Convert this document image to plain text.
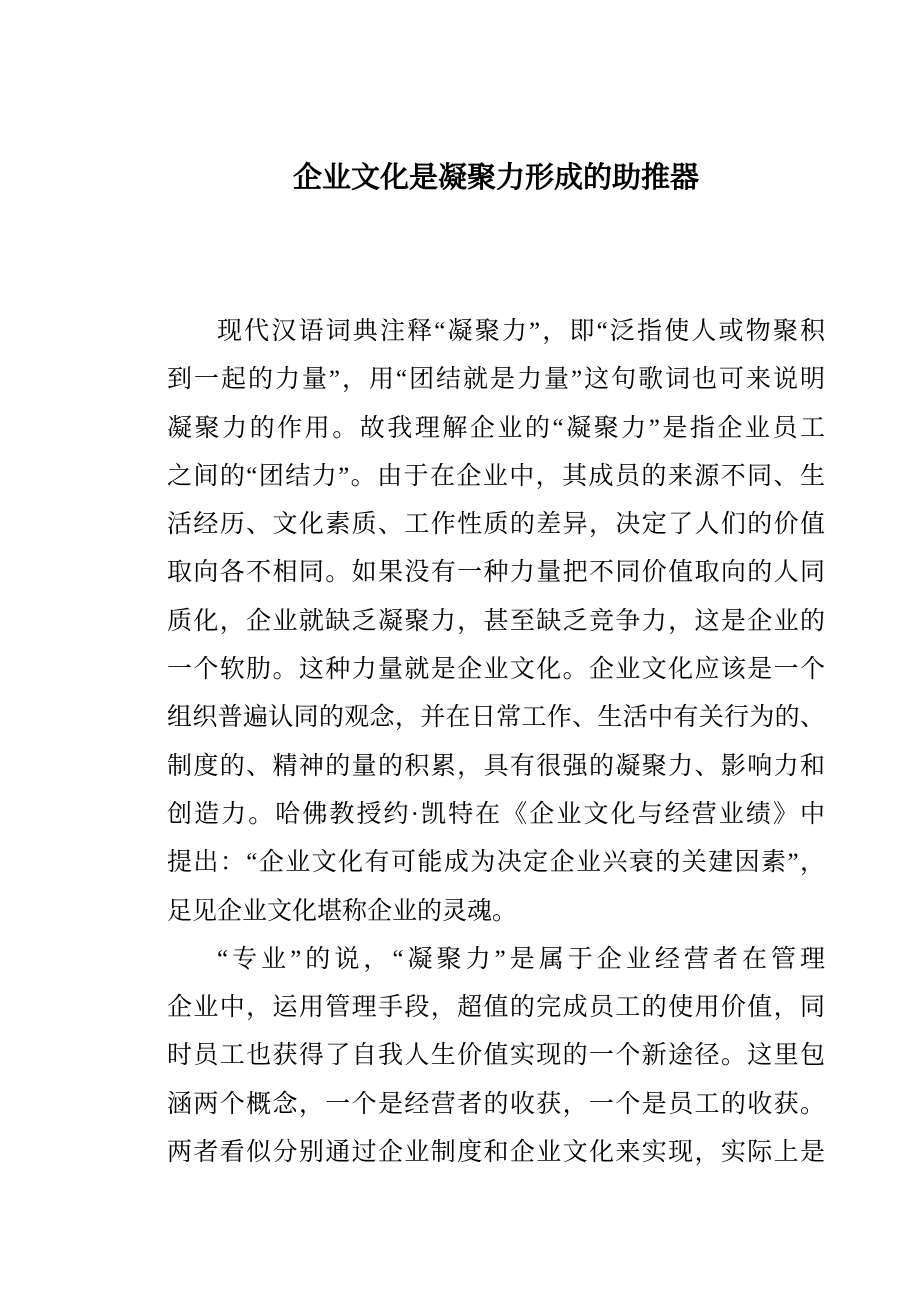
企业文化是凝聚力形成的助推器
现代汉语词典注释“凝聚力”，即“泛指使人或物聚积
到一起的力量”，用“团结就是力量”这句歌词也可来说明
凝聚力的作用。故我理解企业的“凝聚力”是指企业员工
之间的“团结力”。由于在企业中，其成员的来源不同、生
活经历、文化素质、工作性质的差异，决定了人们的价值
取向各不相同。如果没有一种力量把不同价值取向的人同
质化，企业就缺乏凝聚力，甚至缺乏竞争力，这是企业的
一个软肋。这种力量就是企业文化。企业文化应该是一个
组织普遍认同的观念，并在日常工作、生活中有关行为的、
制度的、精神的量的积累，具有很强的凝聚力、影响力和
创造力。哈佛教授约·凯特在《企业文化与经营业绩》中
提出：“企业文化有可能成为决定企业兴衰的关建因素”，
足见企业文化堪称企业的灵魂。
“专业”的说，“凝聚力”是属于企业经营者在管理
企业中，运用管理手段，超值的完成员工的使用价值，同
时员工也获得了自我人生价值实现的一个新途径。这里包
涵两个概念，一个是经营者的收获，一个是员工的收获。
两者看似分别通过企业制度和企业文化来实现，实际上是
